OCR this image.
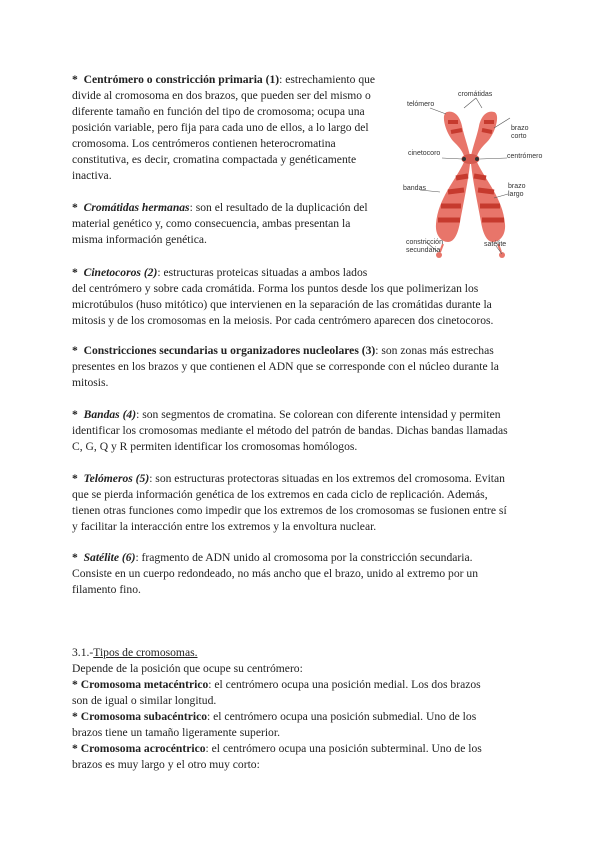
telómero
cromátidas
brazo
corto
cinetocoro	centrómero
bandas	brazo
largo
constricción
secundaria
satélite

* Centrómero o constricción primaria (1): estrechamiento que
divide al cromosoma en dos brazos, que pueden ser del mismo o
diferente tamaño en función del tipo de cromosoma; ocupa una
posición variable, pero fija para cada uno de ellos, a lo largo del
cromosoma. Los centrómeros contienen heterocromatina
constitutiva, es decir, cromatina compactada y genéticamente
inactiva.

* Cromátidas hermanas: son el resultado de la duplicación del
material genético y, como consecuencia, ambas presentan la
misma información genética.

* Cinetocoros (2): estructuras proteicas situadas a ambos lados
del centrómero y sobre cada cromátida. Forma los puntos desde los que polimerizan los
microtúbulos (huso mitótico) que intervienen en la separación de las cromátidas durante la
mitosis y de los cromosomas en la meiosis. Por cada centrómero aparecen dos cinetocoros.

* Constricciones secundarias u organizadores nucleolares (3): son zonas más estrechas
presentes en los brazos y que contienen el ADN que se corresponde con el núcleo durante la
mitosis.

* Bandas (4): son segmentos de cromatina. Se colorean con diferente intensidad y permiten
identificar los cromosomas mediante el método del patrón de bandas. Dichas bandas llamadas
C, G, Q y R permiten identificar los cromosomas homólogos.

* Telómeros (5): son estructuras protectoras situadas en los extremos del cromosoma. Evitan
que se pierda información genética de los extremos en cada ciclo de replicación. Además,
tienen otras funciones como impedir que los extremos de los cromosomas se fusionen entre sí
y facilitar la interacción entre los extremos y la envoltura nuclear.

* Satélite (6): fragmento de ADN unido al cromosoma por la constricción secundaria.
Consiste en un cuerpo redondeado, no más ancho que el brazo, unido al extremo por un
filamento fino.

3.1.-Tipos de cromosomas.
Depende de la posición que ocupe su centrómero:
* Cromosoma metacéntrico: el centrómero ocupa una posición medial. Los dos brazos
son de igual o similar longitud.
* Cromosoma subacéntrico: el centrómero ocupa una posición submedial. Uno de los
brazos tiene un tamaño ligeramente superior.
* Cromosoma acrocéntrico: el centrómero ocupa una posición subterminal. Uno de los
brazos es muy largo y el otro muy corto:
